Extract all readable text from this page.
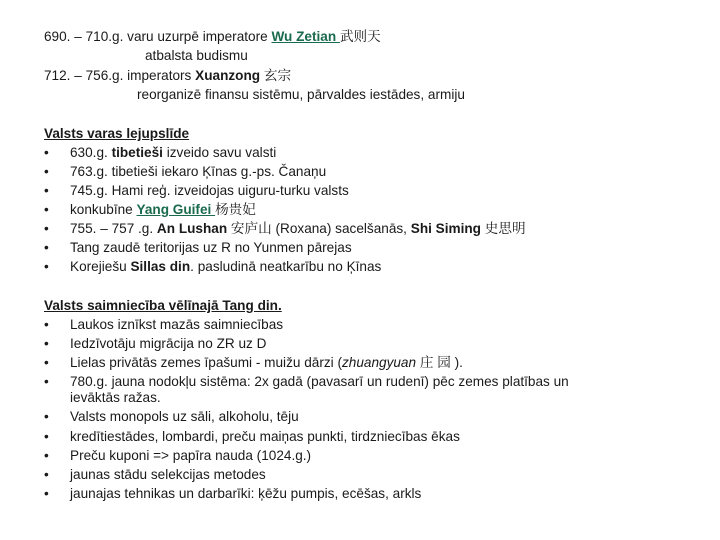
690. – 710.g. varu uzurpē imperatore Wu Zetian 武则天
atbalsta budismu
712. – 756.g. imperators Xuanzong 玄宗
reorganizē finansu sistēmu, pārvaldes iestādes, armiju
Valsts varas lejupslīde
• 630.g. tibetieši izveido savu valsti
• 763.g. tibetieši iekaro Ķīnas g.-ps. Čanaņu
• 745.g. Hami reģ. izveidojas uiguru-turku valsts
• konkubīne Yang Guifei 杨贵妃
• 755. – 757 .g. An Lushan 安庐山 (Roxana) sacelšanās, Shi Siming 史思明
• Tang zaudē teritorijas uz R no Yunmen pārejas
• Korejiešu Sillas din. pasludinā neatkarību no Ķīnas
Valsts saimniecība vēlīnajā Tang din.
• Laukos iznīkst mazās saimniecības
• Iedzīvotāju migrācija no ZR uz D
• Lielas privātās zemes īpašumi - muižu dārzi (zhuangyuan 庄 园 ).
• 780.g. jauna nodokļu sistēma: 2x gadā (pavasarī un rudenī) pēc zemes platības un
ievāktās ražas.
• Valsts monopols uz sāli, alkoholu, tēju
• kredītiestādes, lombardi, preču maiņas punkti, tirdzniecības ēkas
• Preču kuponi => papīra nauda (1024.g.)
• jaunas stādu selekcijas metodes
• jaunajas tehnikas un darbarīki: ķēžu pumpis, ecēšas, arkls
